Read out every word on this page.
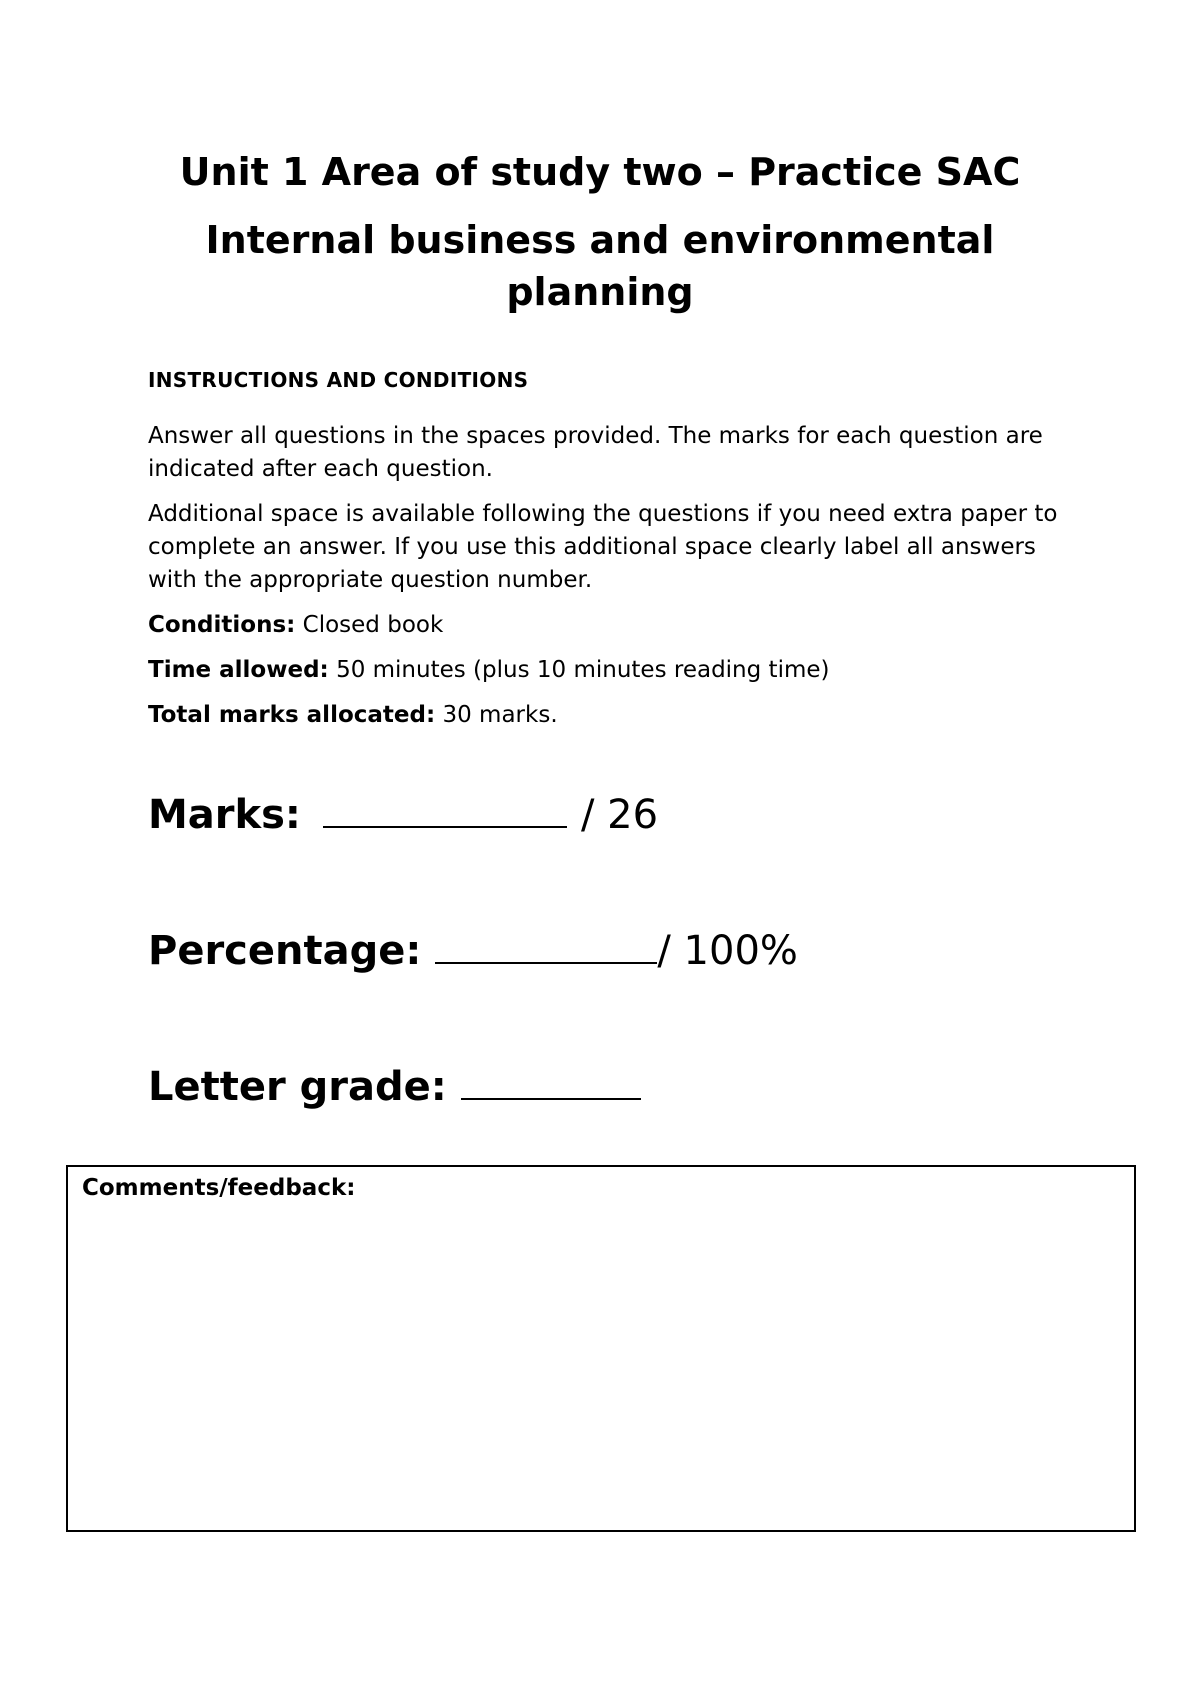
Unit 1 Area of study two – Practice SAC
Internal business and environmental planning
INSTRUCTIONS AND CONDITIONS

Answer all questions in the spaces provided. The marks for each question are indicated after each question.

Additional space is available following the questions if you need extra paper to complete an answer. If you use this additional space clearly label all answers with the appropriate question number.

Conditions: Closed book

Time allowed: 50 minutes (plus 10 minutes reading time)

Total marks allocated: 30 marks.

Marks:	/ 26
Percentage:	/ 100%
Letter grade:
Comments/feedback:
